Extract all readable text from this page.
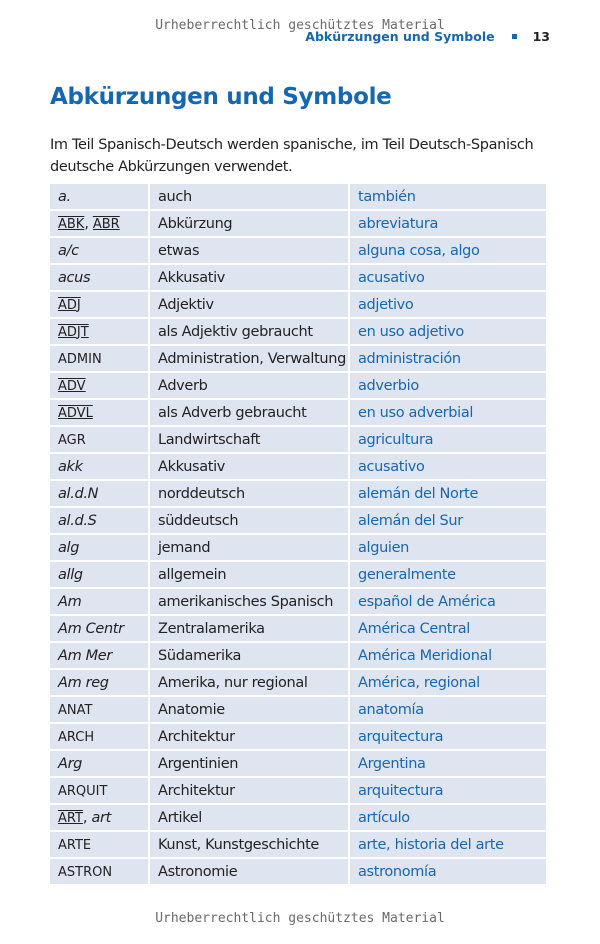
Urheberrechtlich geschütztes Material
Abkürzungen und Symbole	13
Abkürzungen und Symbole

Im Teil Spanisch-Deutsch werden spanische, im Teil Deutsch-Spanisch deutsche Abkürzungen verwendet.

a.	auch	también
ABK, ABR	Abkürzung	abreviatura
a/c	etwas	alguna cosa, algo
acus	Akkusativ	acusativo
ADJ	Adjektiv	adjetivo
ADJT	als Adjektiv gebraucht	en uso adjetivo
ADMIN	Administration, Verwaltung	administración
ADV	Adverb	adverbio
ADVL	als Adverb gebraucht	en uso adverbial
AGR	Landwirtschaft	agricultura
akk	Akkusativ	acusativo
al.d.N	norddeutsch	alemán del Norte
al.d.S	süddeutsch	alemán del Sur
alg	jemand	alguien
allg	allgemein	generalmente
Am	amerikanisches Spanisch	español de América
Am Centr	Zentralamerika	América Central
Am Mer	Südamerika	América Meridional
Am reg	Amerika, nur regional	América, regional
ANAT	Anatomie	anatomía
ARCH	Architektur	arquitectura
Arg	Argentinien	Argentina
ARQUIT	Architektur	arquitectura
ART, art	Artikel	artículo
ARTE	Kunst, Kunstgeschichte	arte, historia del arte
ASTRON	Astronomie	astronomía
Urheberrechtlich geschütztes Material
